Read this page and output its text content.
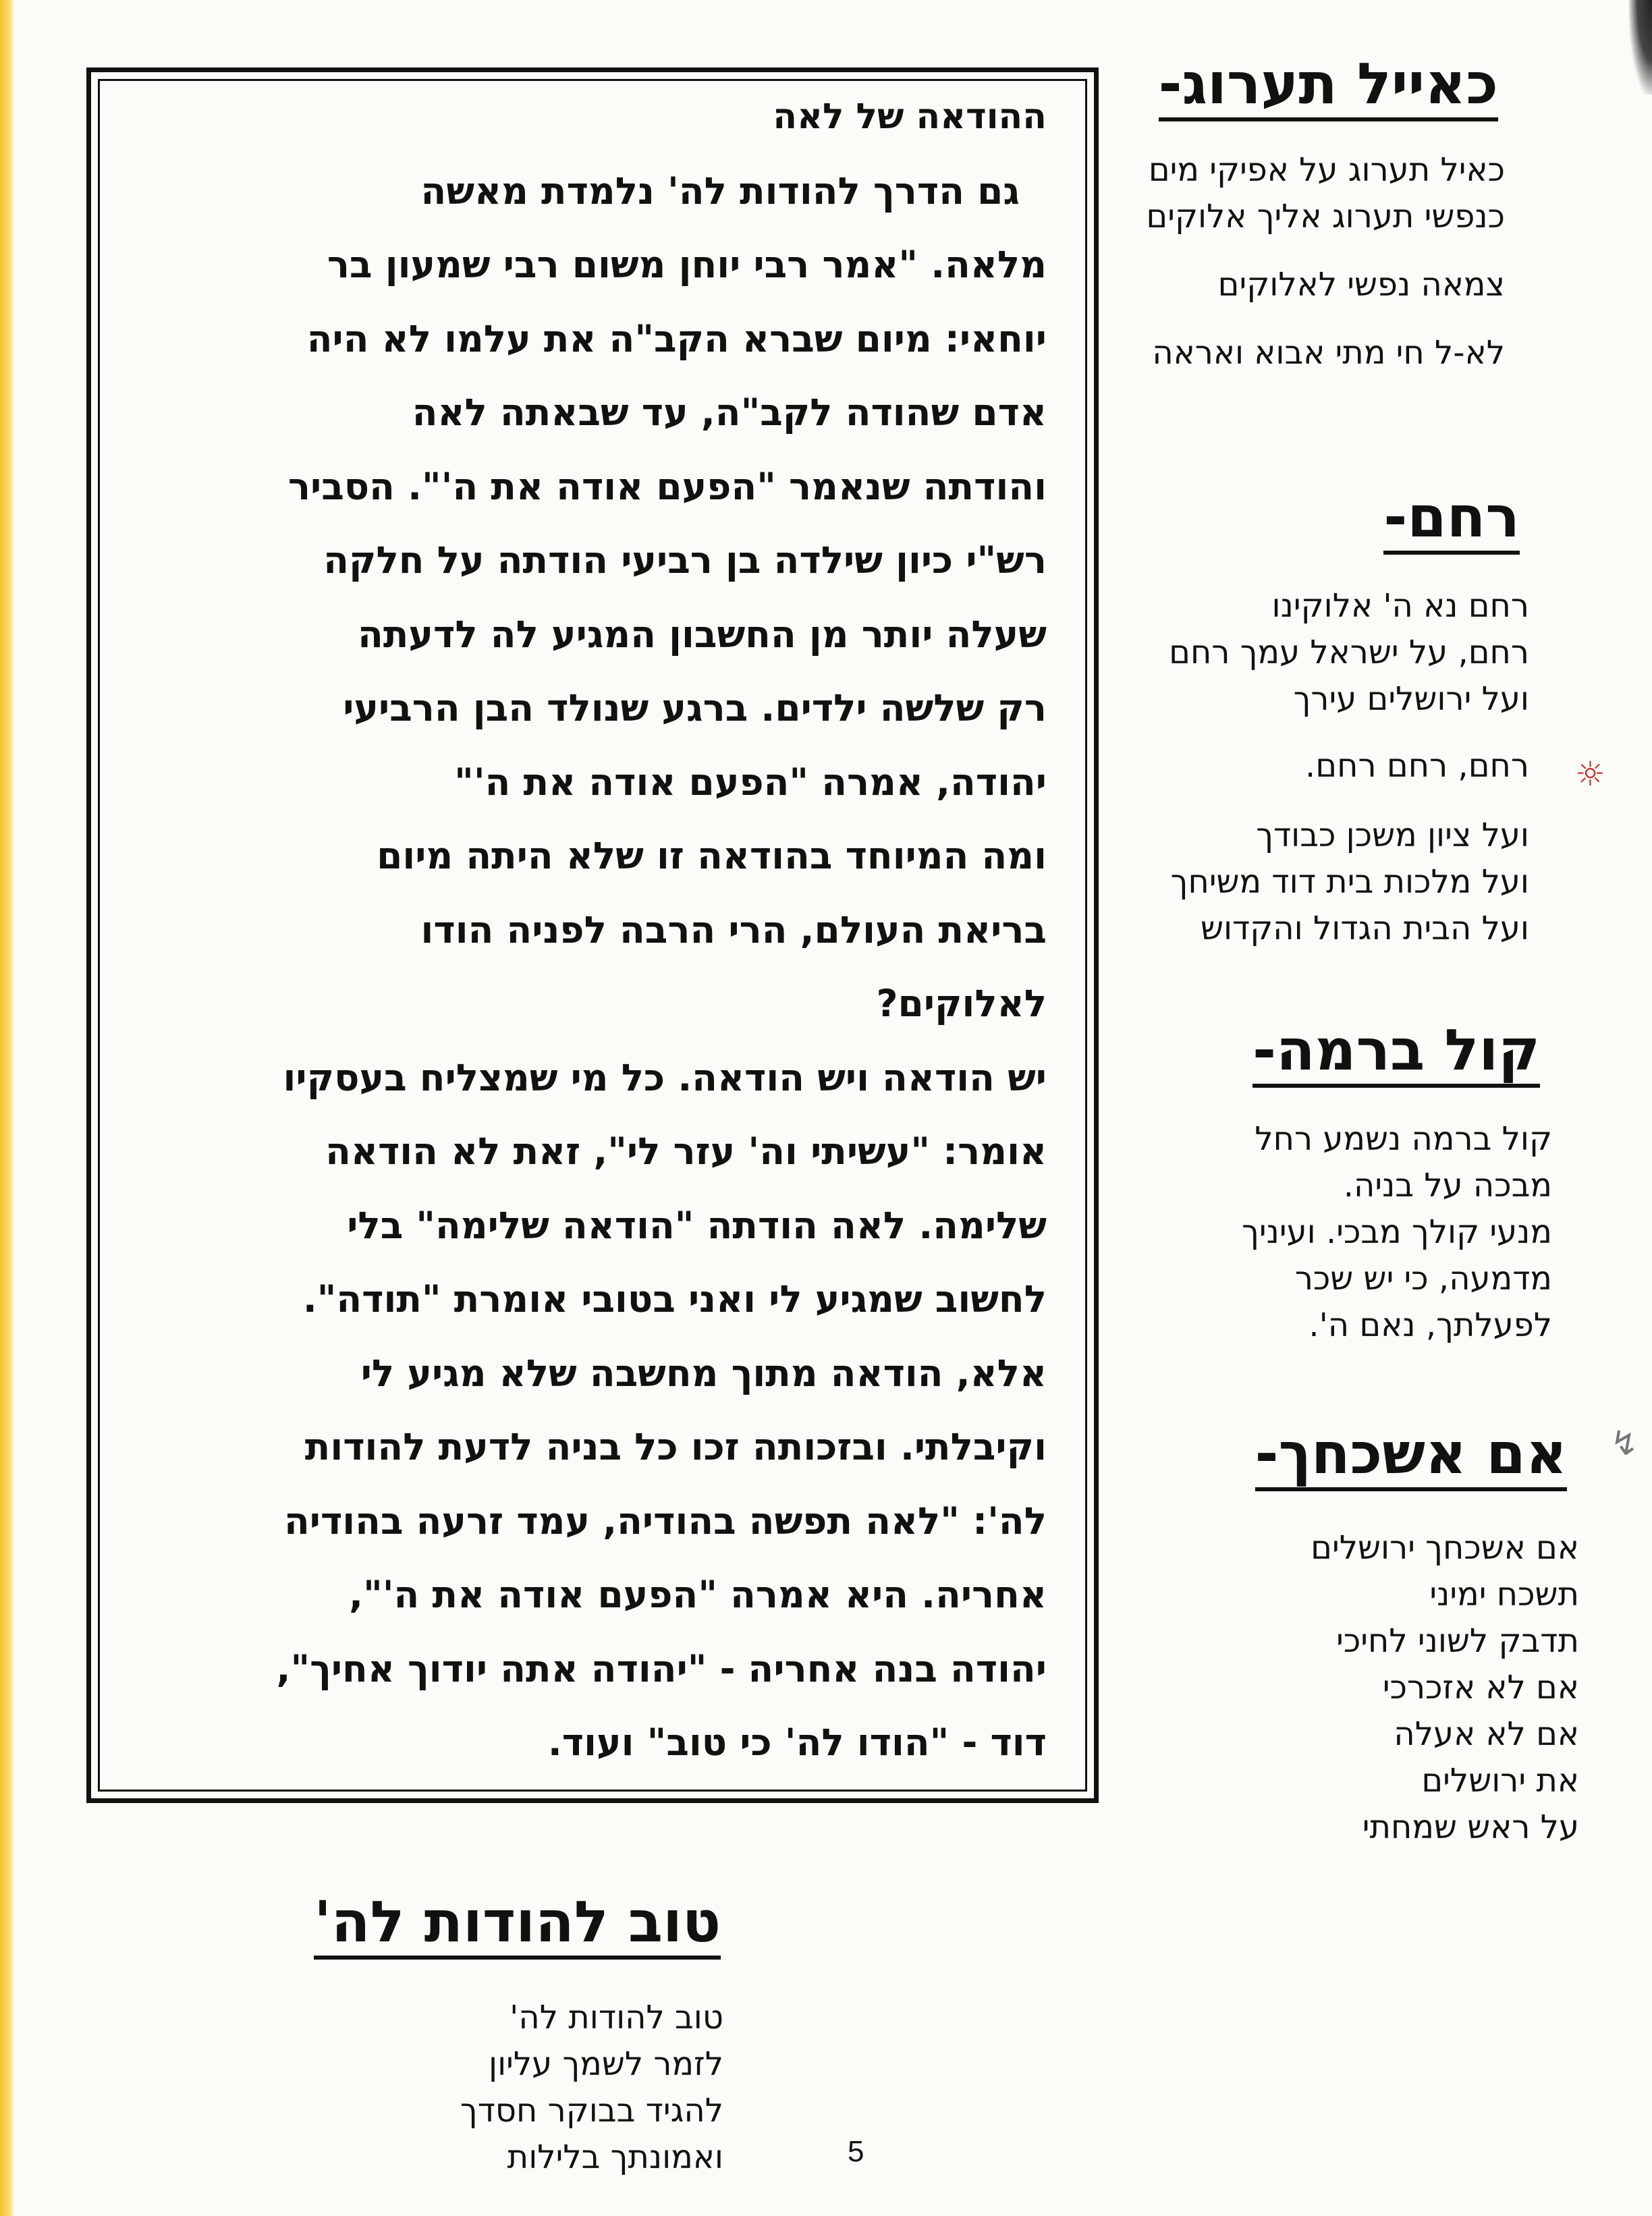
ההודאה של לאה
גם הדרך להודות לה' נלמדת מאשה
מלאה. "אמר רבי יוחן משום רבי שמעון בר
יוחאי: מיום שברא הקב"ה את עלמו לא היה
אדם שהודה לקב"ה, עד שבאתה לאה
והודתה שנאמר "הפעם אודה את ה'". הסביר
רש"י כיון שילדה בן רביעי הודתה על חלקה
שעלה יותר מן החשבון המגיע לה לדעתה
רק שלשה ילדים. ברגע שנולד הבן הרביעי
יהודה, אמרה "הפעם אודה את ה'"
ומה המיוחד בהודאה זו שלא היתה מיום
בריאת העולם, הרי הרבה לפניה הודו
לאלוקים?
יש הודאה ויש הודאה. כל מי שמצליח בעסקיו
אומר: "עשיתי וה' עזר לי", זאת לא הודאה
שלימה. לאה הודתה "הודאה שלימה" בלי
לחשוב שמגיע לי ואני בטובי אומרת "תודה".
אלא, הודאה מתוך מחשבה שלא מגיע לי
וקיבלתי. ובזכותה זכו כל בניה לדעת להודות
לה': "לאה תפשה בהודיה, עמד זרעה בהודיה
אחריה. היא אמרה "הפעם אודה את ה'",
יהודה בנה אחריה - "יהודה אתה יודוך אחיך",
דוד - "הודו לה' כי טוב" ועוד.
כאייל תערוג-
כאיל תערוג על אפיקי מים
כנפשי תערוג אליך אלוקים
צמאה נפשי לאלוקים
לא-ל חי מתי אבוא ואראה
רחם-
רחם נא ה' אלוקינו
רחם, על ישראל עמך רחם
ועל ירושלים עירך
רחם, רחם רחם.
ועל ציון משכן כבודך
ועל מלכות בית דוד משיחך
ועל הבית הגדול והקדוש
קול ברמה-
קול ברמה נשמע רחל
מבכה על בניה.
מנעי קולך מבכי. ועיניך
מדמעה, כי יש שכר
לפעלתך, נאם ה'.
אם אשכחך-
אם אשכחך ירושלים
תשכח ימיני
תדבק לשוני לחיכי
אם לא אזכרכי
אם לא אעלה
את ירושלים
על ראש שמחתי
טוב להודות לה'
טוב להודות לה'
לזמר לשמך עליון
להגיד בבוקר חסדך
ואמונתך בלילות
☼
↯
5
